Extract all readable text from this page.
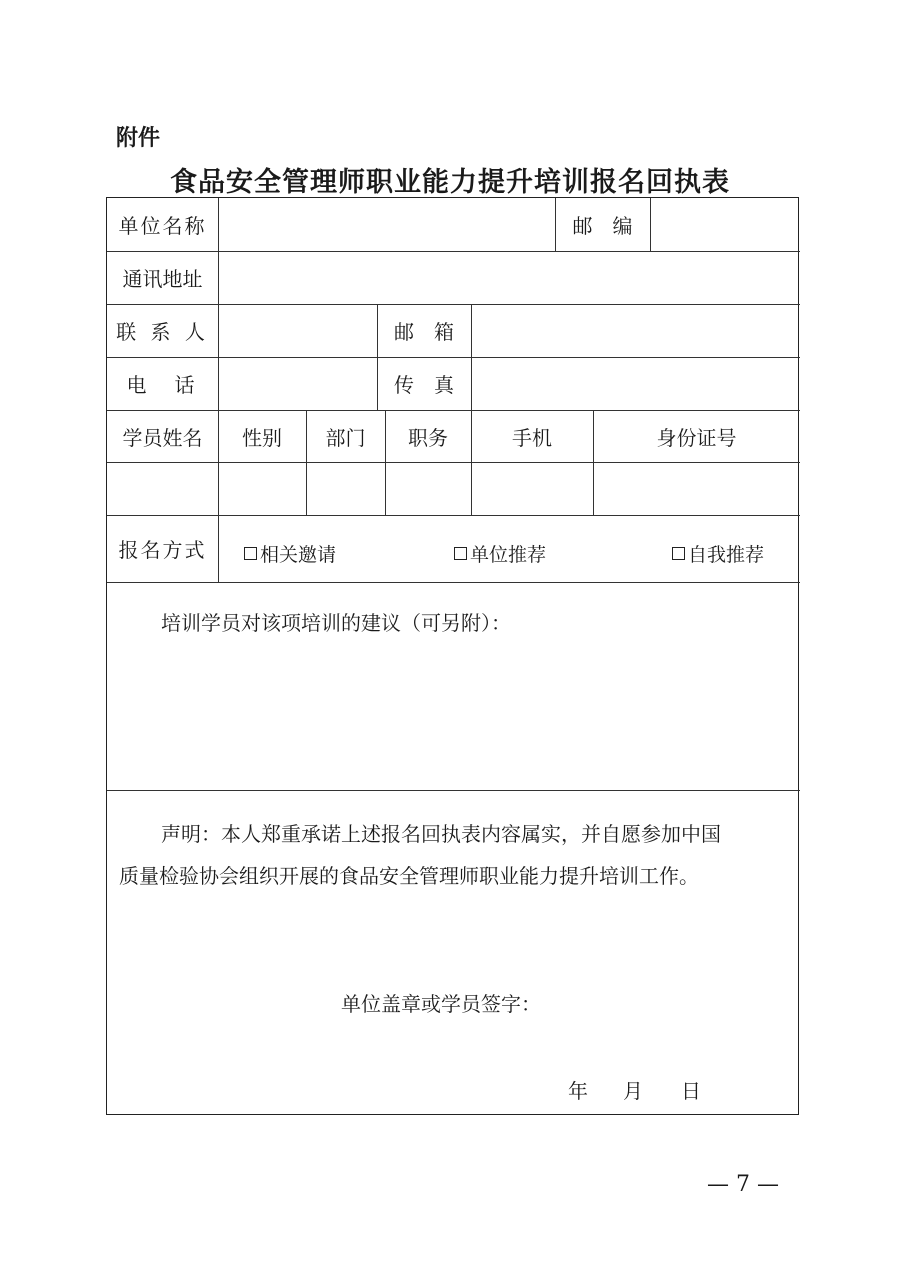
附件
食品安全管理师职业能力提升培训报名回执表
单位名称	邮　编
通讯地址
联 系 人	邮　箱
电　话	传　真
学员姓名	性别	部门	职务	手机	身份证号
报名方式	相关邀请	单位推荐	自我推荐
培训学员对该项培训的建议（可另附）：
声明：本人郑重承诺上述报名回执表内容属实，并自愿参加中国
质量检验协会组织开展的食品安全管理师职业能力提升培训工作。
单位盖章或学员签字：
年 月 日
— 7 —
